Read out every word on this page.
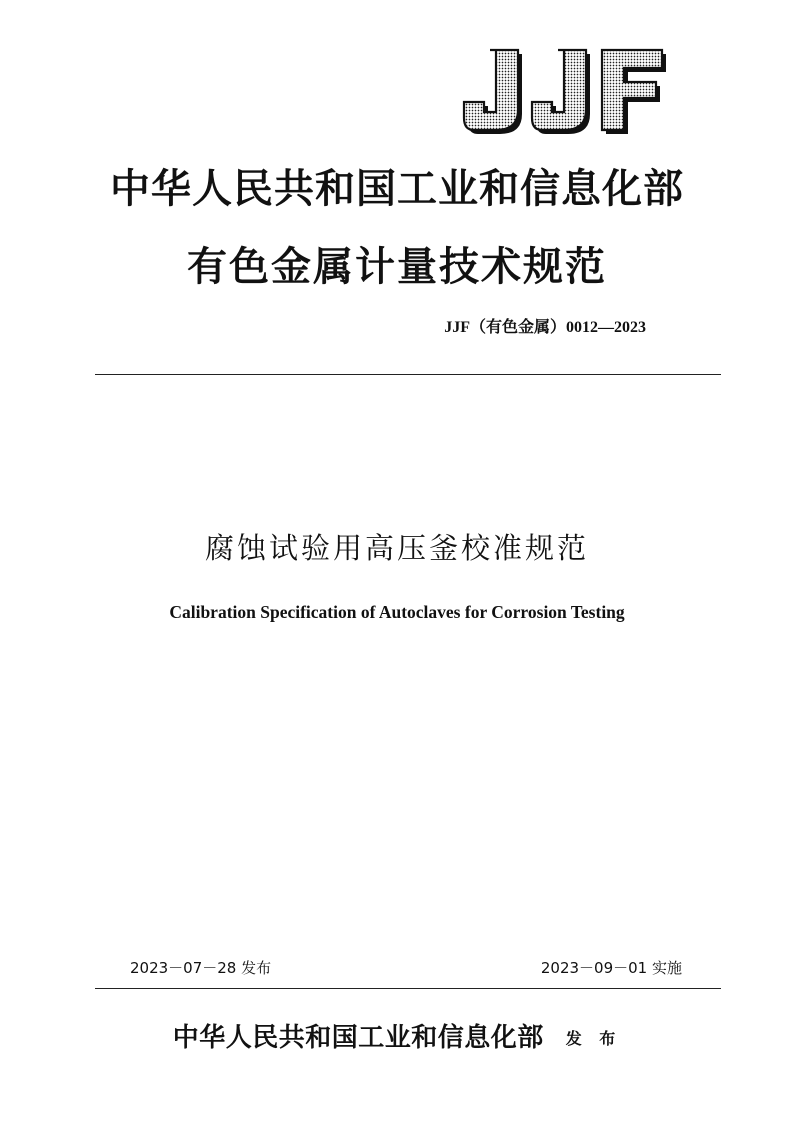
中华人民共和国工业和信息化部
有色金属计量技术规范
JJF（有色金属）0012—2023
腐蚀试验用高压釜校准规范
Calibration Specification of Autoclaves for Corrosion Testing
2023－07－28 发布	2023－09－01 实施
中华人民共和国工业和信息化部 发 布
